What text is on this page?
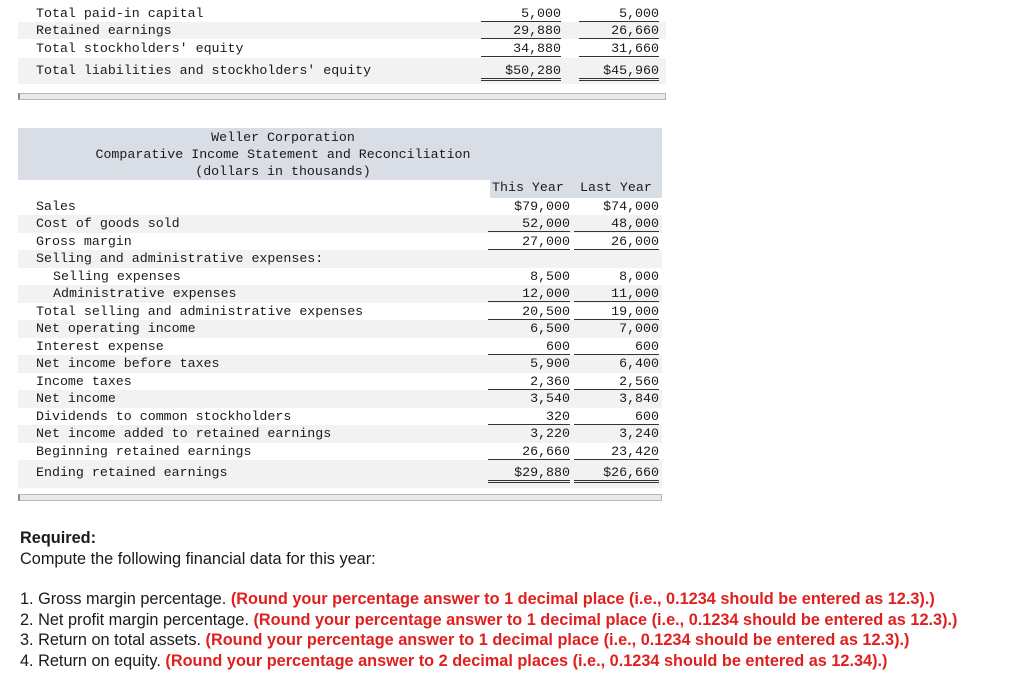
Total paid-in capital	5,000	5,000
Retained earnings	29,880	26,660
Total stockholders' equity	34,880	31,660
Total liabilities and stockholders' equity	$50,280	$45,960
Weller Corporation
Comparative Income Statement and Reconciliation
(dollars in thousands)
This Year Last Year
Sales	$79,000	$74,000
Cost of goods sold	52,000	48,000
Gross margin	27,000	26,000
Selling and administrative expenses:
Selling expenses	8,500	8,000
Administrative expenses	12,000	11,000
Total selling and administrative expenses	20,500	19,000
Net operating income	6,500	7,000
Interest expense	600	600
Net income before taxes	5,900	6,400
Income taxes	2,360	2,560
Net income	3,540	3,840
Dividends to common stockholders	320	600
Net income added to retained earnings	3,220	3,240
Beginning retained earnings	26,660	23,420
Ending retained earnings	$29,880	$26,660
Required:
Compute the following financial data for this year:
1. Gross margin percentage. (Round your percentage answer to 1 decimal place (i.e., 0.1234 should be entered as 12.3).)
2. Net profit margin percentage. (Round your percentage answer to 1 decimal place (i.e., 0.1234 should be entered as 12.3).)
3. Return on total assets. (Round your percentage answer to 1 decimal place (i.e., 0.1234 should be entered as 12.3).)
4. Return on equity. (Round your percentage answer to 2 decimal places (i.e., 0.1234 should be entered as 12.34).)
